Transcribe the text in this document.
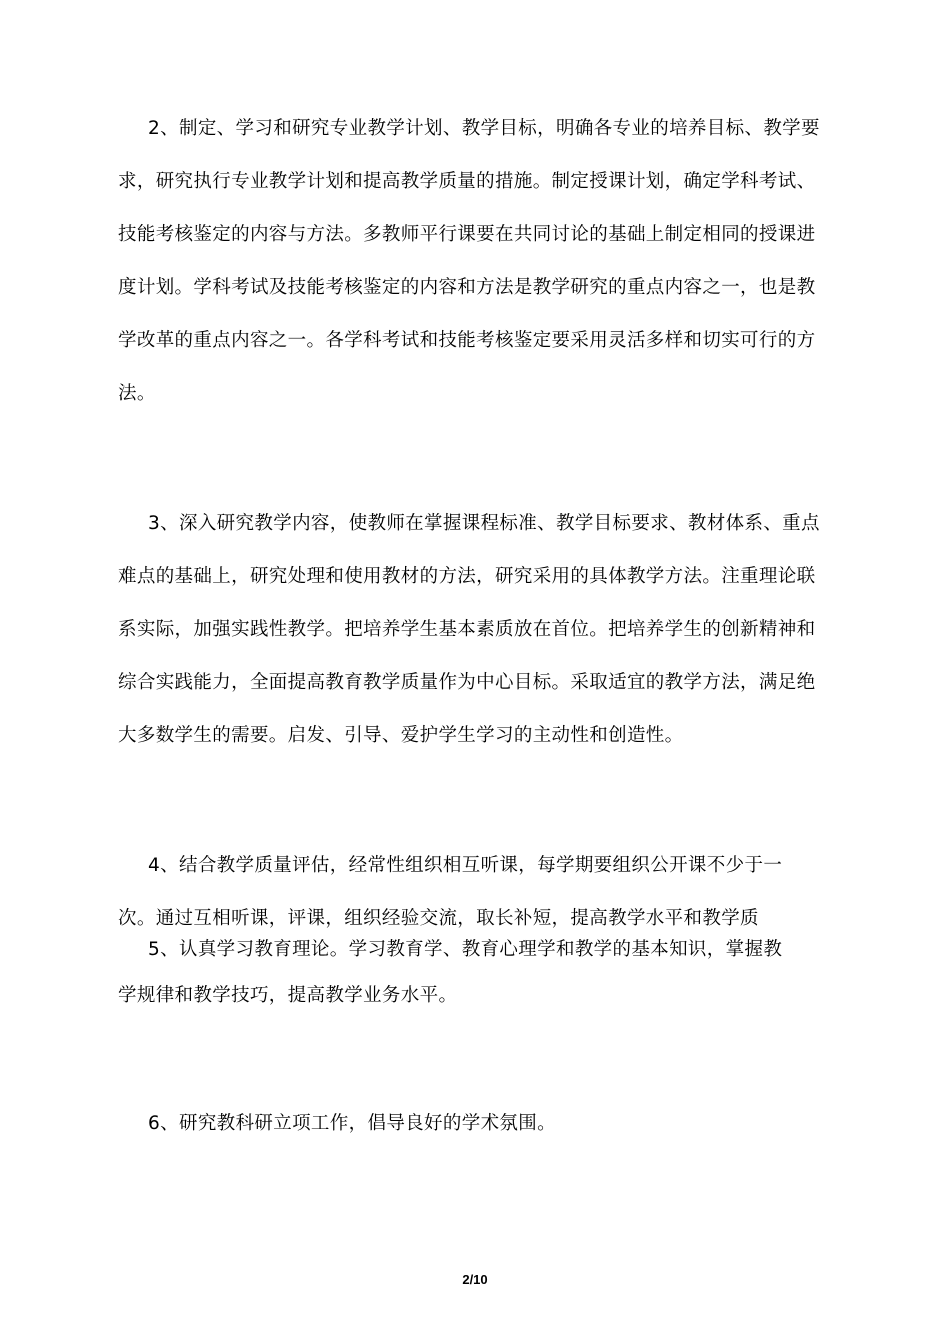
2、制定、学习和研究专业教学计划、教学目标，明确各专业的培养目标、教学要
求，研究执行专业教学计划和提高教学质量的措施。制定授课计划，确定学科考试、
技能考核鉴定的内容与方法。多教师平行课要在共同讨论的基础上制定相同的授课进
度计划。学科考试及技能考核鉴定的内容和方法是教学研究的重点内容之一，也是教
学改革的重点内容之一。各学科考试和技能考核鉴定要采用灵活多样和切实可行的方
法。
3、深入研究教学内容，使教师在掌握课程标准、教学目标要求、教材体系、重点
难点的基础上，研究处理和使用教材的方法，研究采用的具体教学方法。注重理论联
系实际，加强实践性教学。把培养学生基本素质放在首位。把培养学生的创新精神和
综合实践能力，全面提高教育教学质量作为中心目标。采取适宜的教学方法，满足绝
大多数学生的需要。启发、引导、爱护学生学习的主动性和创造性。
4、结合教学质量评估，经常性组织相互听课，每学期要组织公开课不少于一
次。通过互相听课，评课，组织经验交流，取长补短，提高教学水平和教学质
5、认真学习教育理论。学习教育学、教育心理学和教学的基本知识，掌握教
学规律和教学技巧，提高教学业务水平。
6、研究教科研立项工作，倡导良好的学术氛围。
2/10
